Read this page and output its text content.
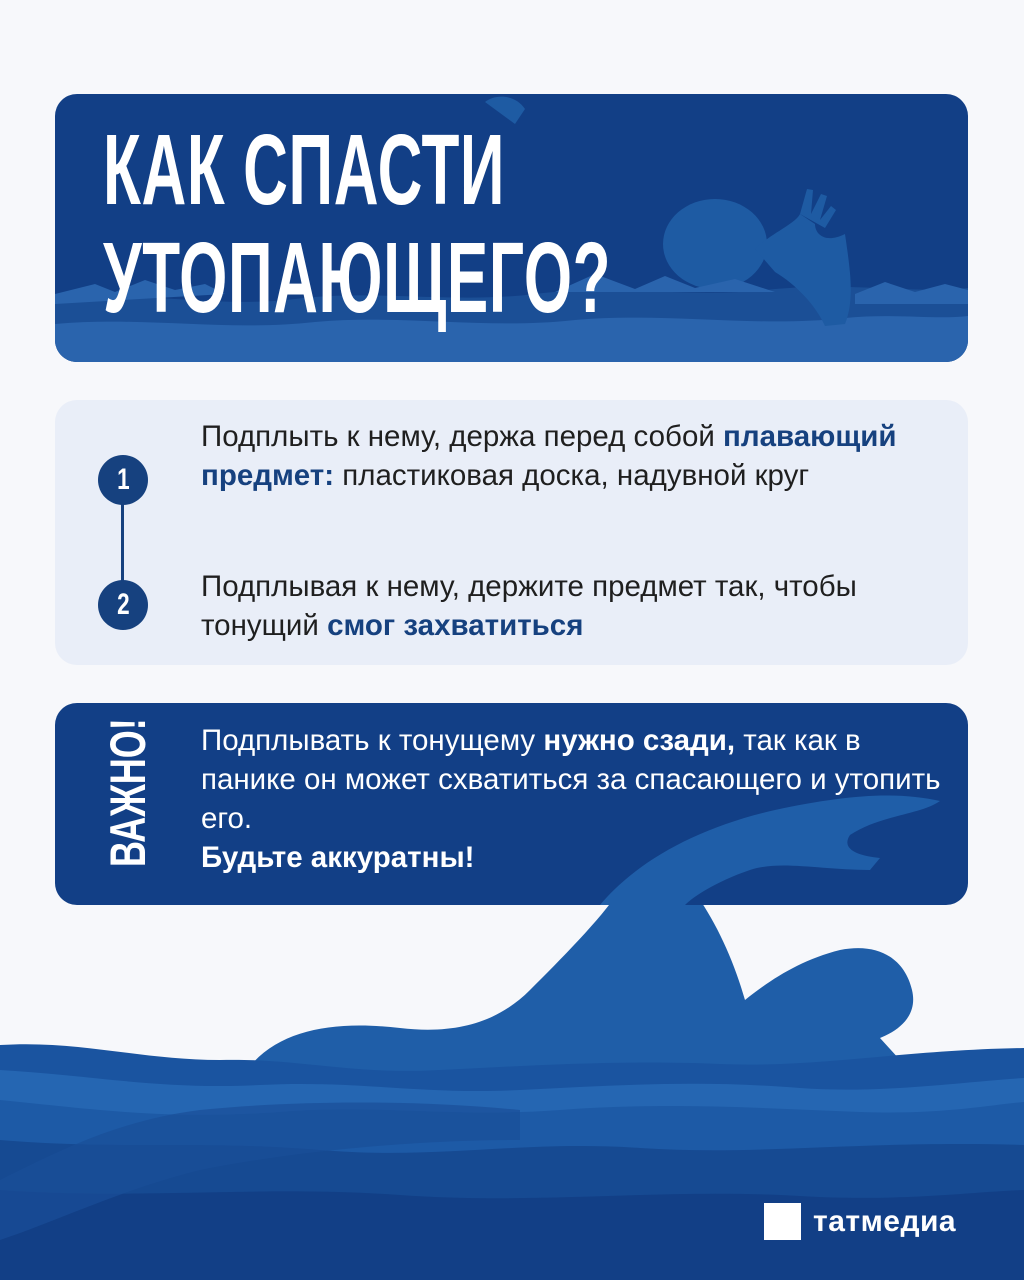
КАК СПАСТИ
УТОПАЮЩЕГО?
1
Подплыть к нему, держа перед собой плавающий предмет: пластиковая доска, надувной круг
2
Подплывая к нему, держите предмет так, чтобы тонущий смог захватиться
ВАЖНО! Подплывать к тонущему нужно сзади, так как в панике он может схватиться за спасающего и утопить его.
Будьте аккуратны!
татмедиа
